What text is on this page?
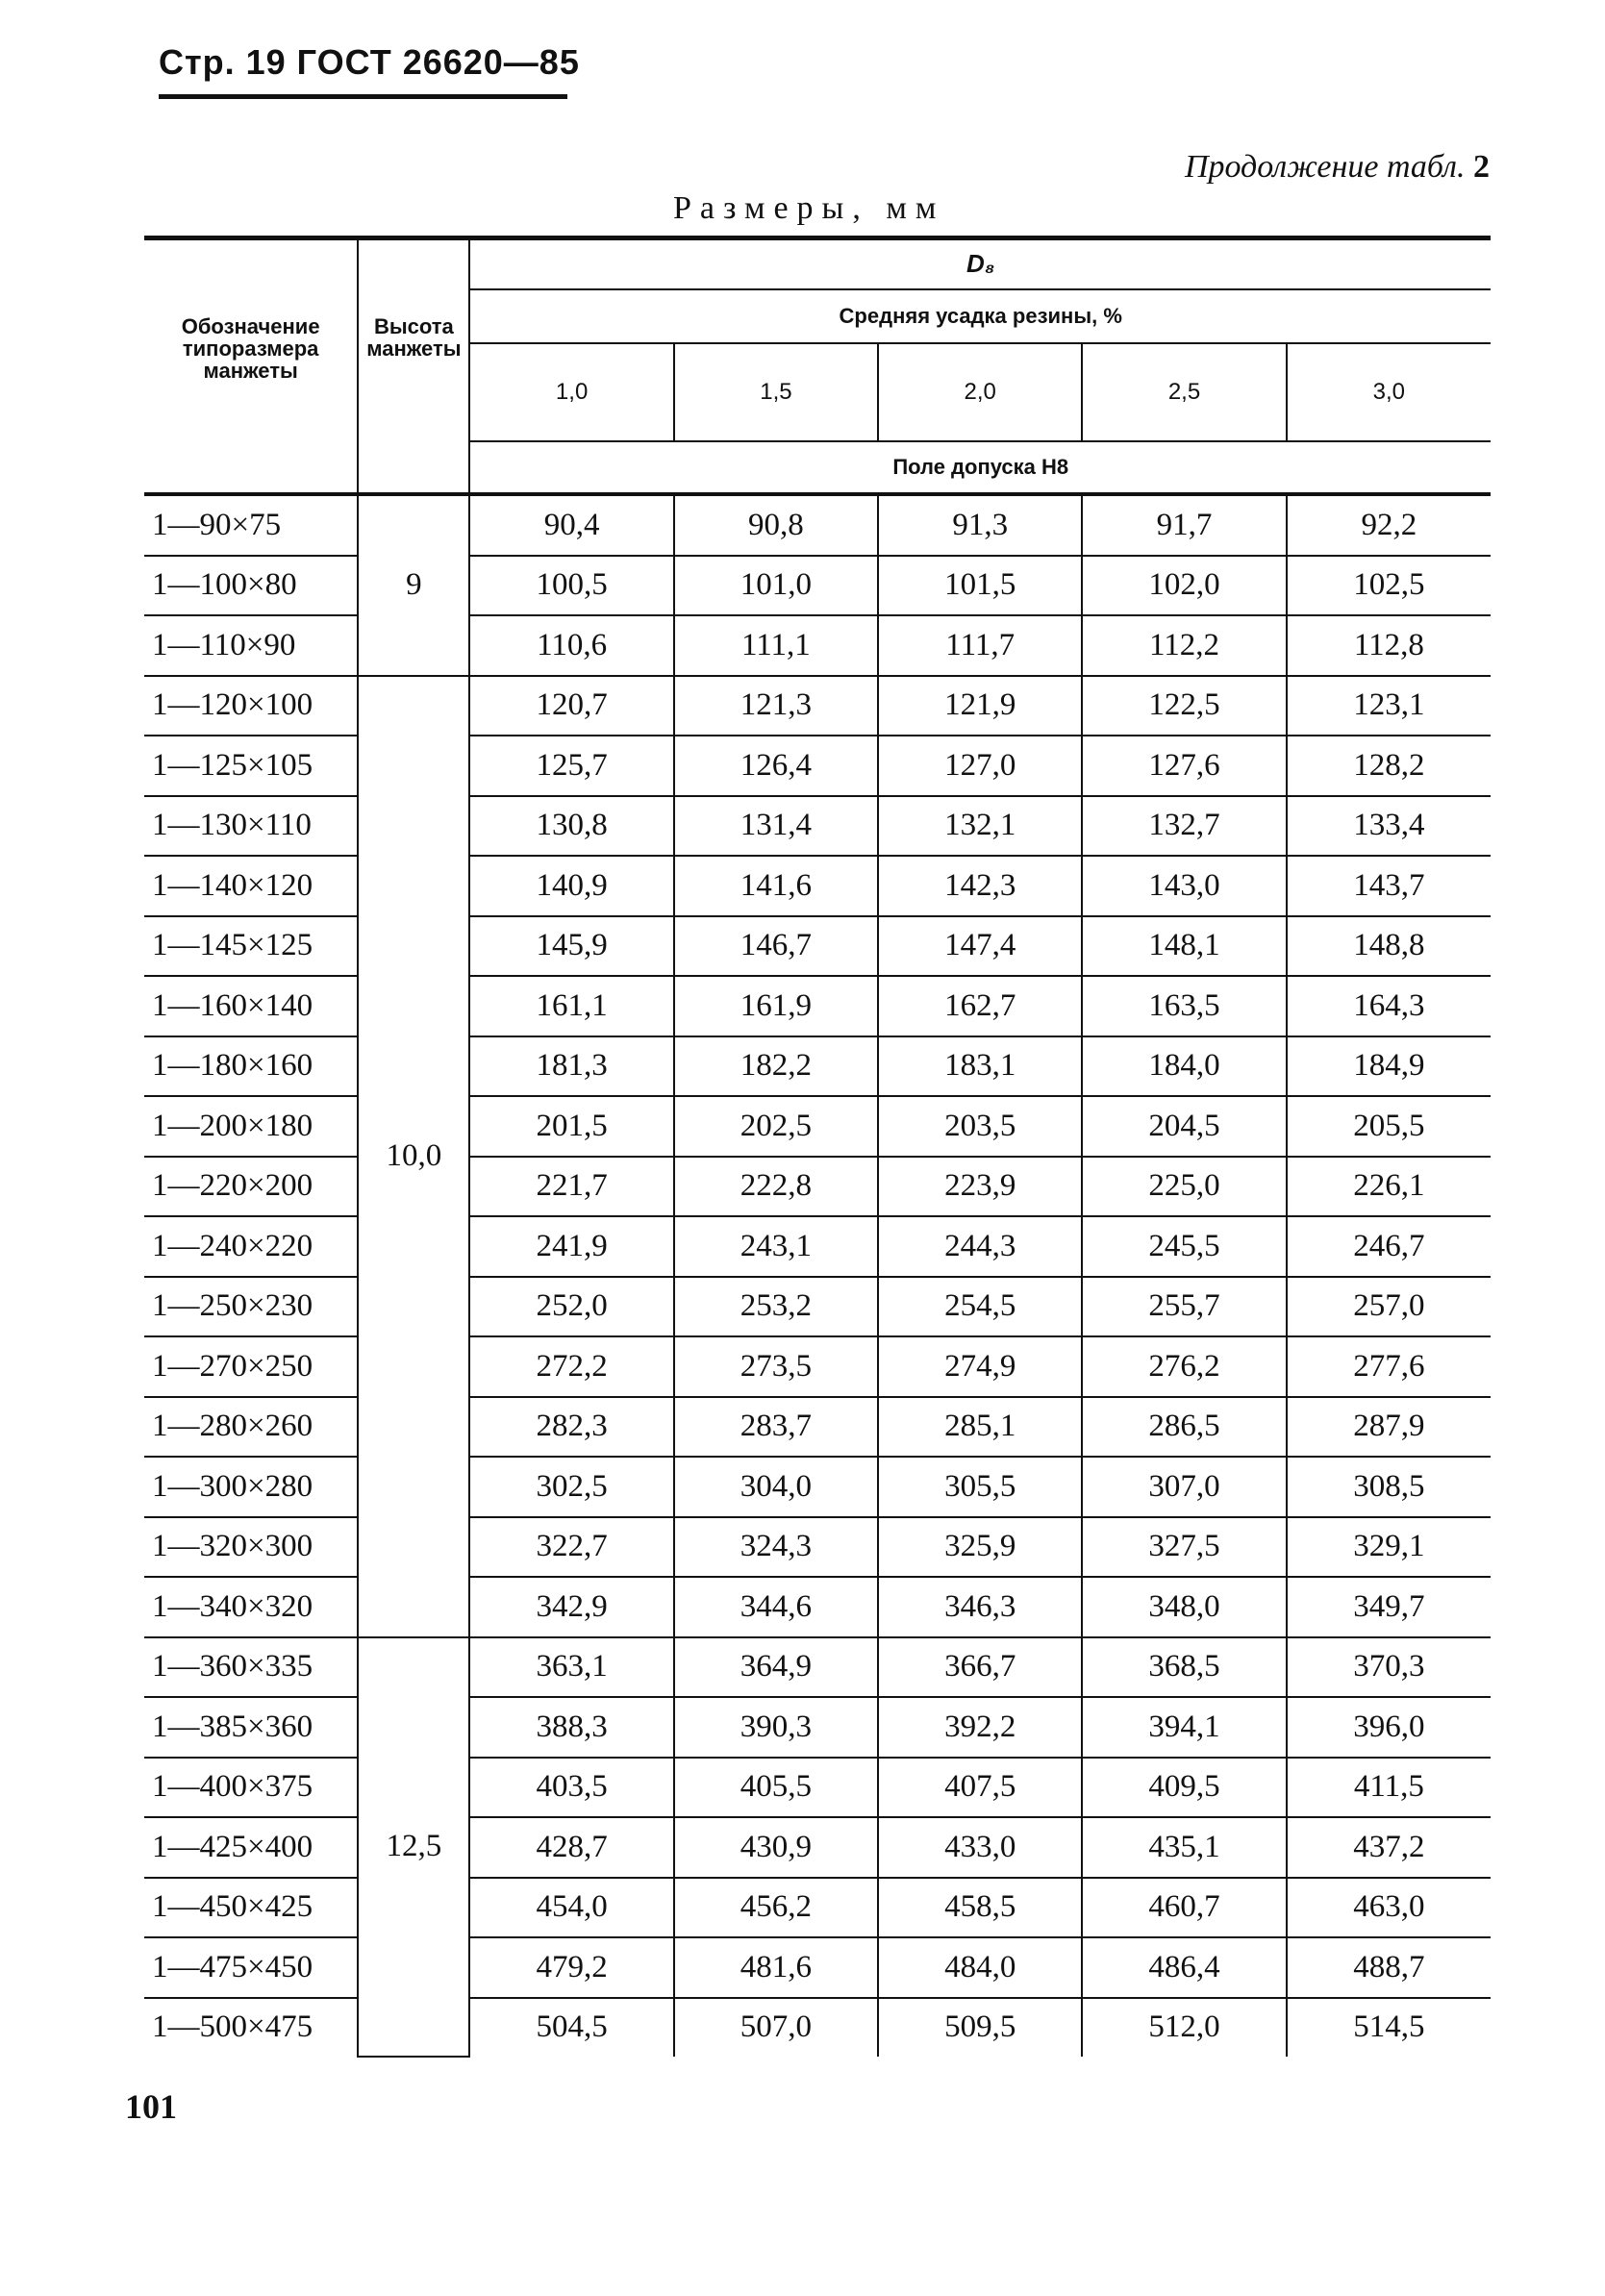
Стр. 19 ГОСТ 26620—85
Продолжение табл. 2
Размеры, мм
Обозначение типоразмера манжеты	Высота манжеты	D₈				
		Средняя усадка резины, %				
		1,0	1,5	2,0	2,5	3,0
		Поле допуска H8				
1—90×75	9	90,4	90,8	91,3	91,7	92,2
1—100×80		100,5	101,0	101,5	102,0	102,5
1—110×90		110,6	111,1	111,7	112,2	112,8
1—120×100	10,0	120,7	121,3	121,9	122,5	123,1
1—125×105		125,7	126,4	127,0	127,6	128,2
1—130×110		130,8	131,4	132,1	132,7	133,4
1—140×120		140,9	141,6	142,3	143,0	143,7
1—145×125		145,9	146,7	147,4	148,1	148,8
1—160×140		161,1	161,9	162,7	163,5	164,3
1—180×160		181,3	182,2	183,1	184,0	184,9
1—200×180		201,5	202,5	203,5	204,5	205,5
1—220×200		221,7	222,8	223,9	225,0	226,1
1—240×220		241,9	243,1	244,3	245,5	246,7
1—250×230		252,0	253,2	254,5	255,7	257,0
1—270×250		272,2	273,5	274,9	276,2	277,6
1—280×260		282,3	283,7	285,1	286,5	287,9
1—300×280		302,5	304,0	305,5	307,0	308,5
1—320×300		322,7	324,3	325,9	327,5	329,1
1—340×320		342,9	344,6	346,3	348,0	349,7
1—360×335	12,5	363,1	364,9	366,7	368,5	370,3
1—385×360		388,3	390,3	392,2	394,1	396,0
1—400×375		403,5	405,5	407,5	409,5	411,5
1—425×400		428,7	430,9	433,0	435,1	437,2
1—450×425		454,0	456,2	458,5	460,7	463,0
1—475×450		479,2	481,6	484,0	486,4	488,7
1—500×475		504,5	507,0	509,5	512,0	514,5
101
